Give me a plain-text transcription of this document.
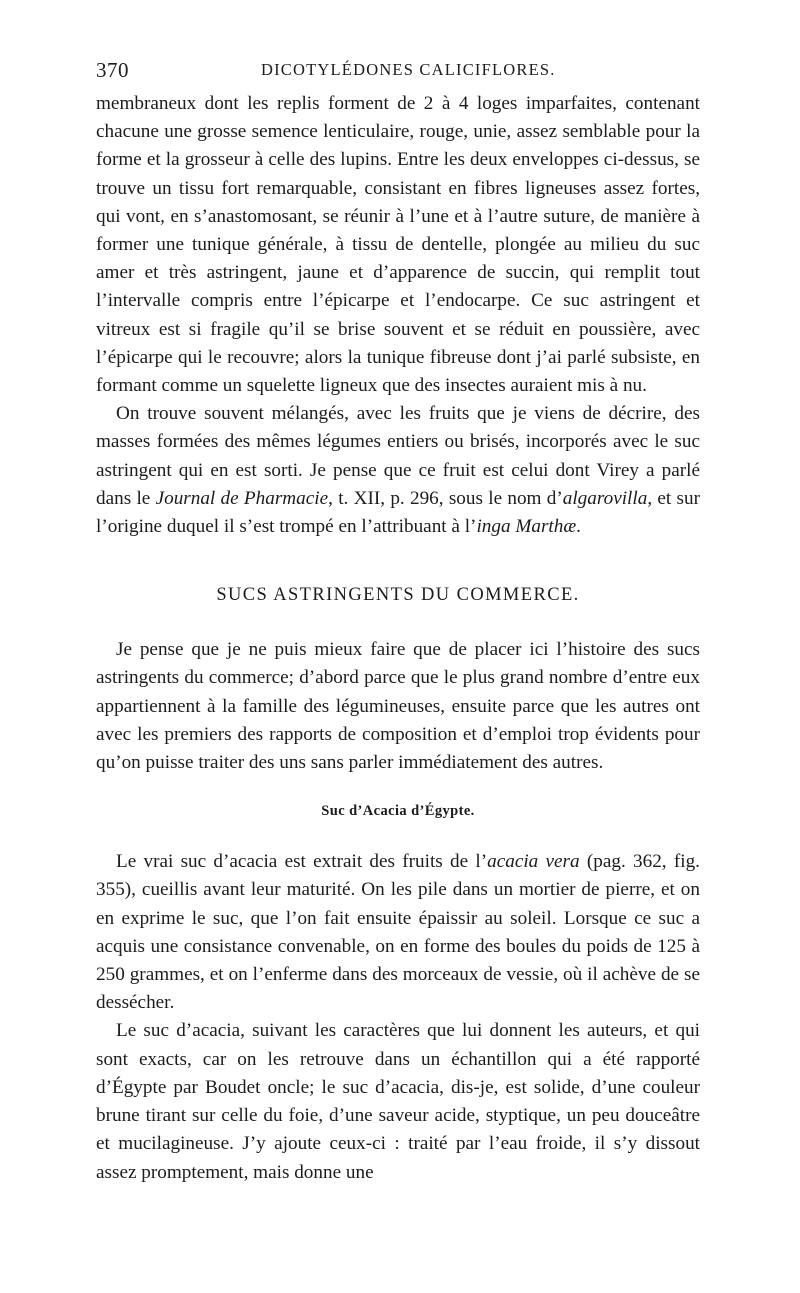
370	DICOTYLÉDONES CALICIFLORES.

membraneux dont les replis forment de 2 à 4 loges imparfaites, contenant chacune une grosse semence lenticulaire, rouge, unie, assez semblable pour la forme et la grosseur à celle des lupins. Entre les deux enveloppes ci-dessus, se trouve un tissu fort remarquable, consistant en fibres ligneuses assez fortes, qui vont, en s’anastomosant, se réunir à l’une et à l’autre suture, de manière à former une tunique générale, à tissu de dentelle, plongée au milieu du suc amer et très astringent, jaune et d’apparence de succin, qui remplit tout l’intervalle compris entre l’épicarpe et l’endocarpe. Ce suc astringent et vitreux est si fragile qu’il se brise souvent et se réduit en poussière, avec l’épicarpe qui le recouvre; alors la tunique fibreuse dont j’ai parlé subsiste, en formant comme un squelette ligneux que des insectes auraient mis à nu.

On trouve souvent mélangés, avec les fruits que je viens de décrire, des masses formées des mêmes légumes entiers ou brisés, incorporés avec le suc astringent qui en est sorti. Je pense que ce fruit est celui dont Virey a parlé dans le Journal de Pharmacie, t. XII, p. 296, sous le nom d’algarovilla, et sur l’origine duquel il s’est trompé en l’attribuant à l’inga Marthæ.

SUCS ASTRINGENTS DU COMMERCE.

Je pense que je ne puis mieux faire que de placer ici l’histoire des sucs astringents du commerce; d’abord parce que le plus grand nombre d’entre eux appartiennent à la famille des légumineuses, ensuite parce que les autres ont avec les premiers des rapports de composition et d’emploi trop évidents pour qu’on puisse traiter des uns sans parler immédiatement des autres.

Suc d’Acacia d’Égypte.

Le vrai suc d’acacia est extrait des fruits de l’acacia vera (pag. 362, fig. 355), cueillis avant leur maturité. On les pile dans un mortier de pierre, et on en exprime le suc, que l’on fait ensuite épaissir au soleil. Lorsque ce suc a acquis une consistance convenable, on en forme des boules du poids de 125 à 250 grammes, et on l’enferme dans des morceaux de vessie, où il achève de se dessécher.

Le suc d’acacia, suivant les caractères que lui donnent les auteurs, et qui sont exacts, car on les retrouve dans un échantillon qui a été rapporté d’Égypte par Boudet oncle; le suc d’acacia, dis-je, est solide, d’une couleur brune tirant sur celle du foie, d’une saveur acide, styptique, un peu douceâtre et mucilagineuse. J’y ajoute ceux-ci : traité par l’eau froide, il s’y dissout assez promptement, mais donne une
